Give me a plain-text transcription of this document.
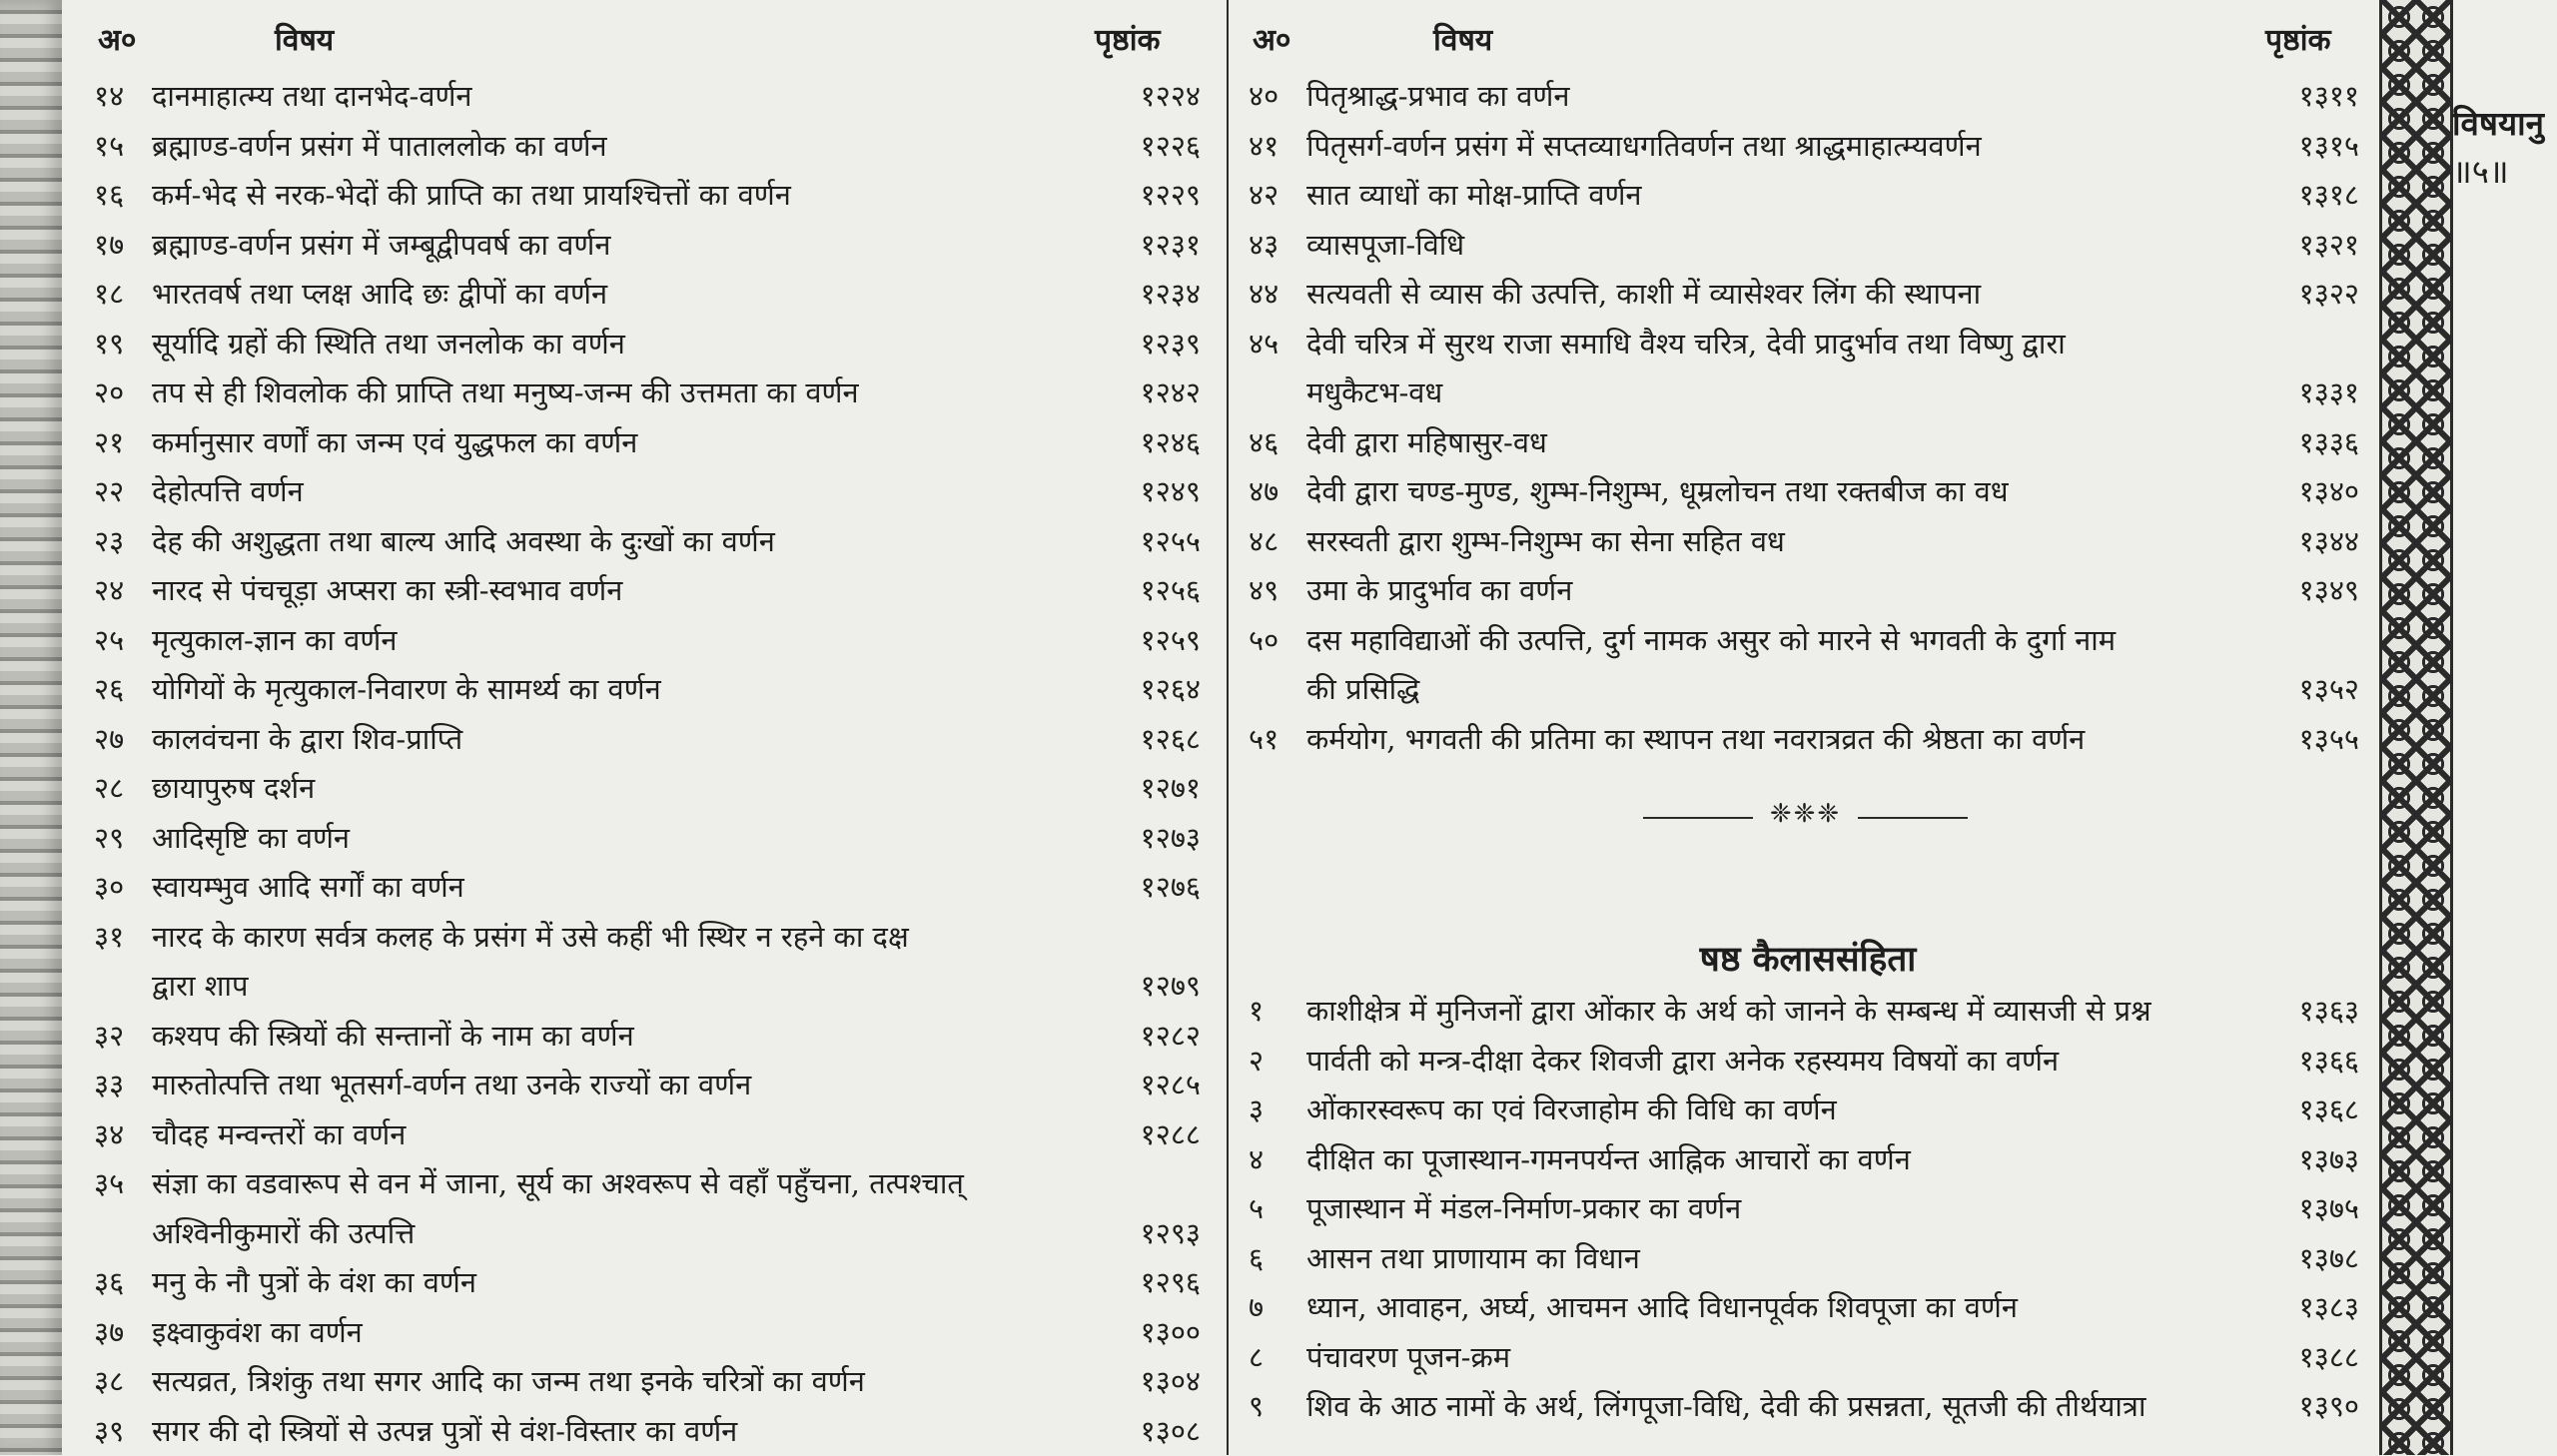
अ०	विषय	पृष्ठांक
१४ दानमाहात्म्य तथा दानभेद-वर्णन	१२२४
१५ ब्रह्माण्ड-वर्णन प्रसंग में पाताललोक का वर्णन	१२२६
१६ कर्म-भेद से नरक-भेदों की प्राप्ति का तथा प्रायश्चित्तों का वर्णन	१२२९
१७ ब्रह्माण्ड-वर्णन प्रसंग में जम्बूद्वीपवर्ष का वर्णन	१२३१
१८ भारतवर्ष तथा प्लक्ष आदि छः द्वीपों का वर्णन	१२३४
१९ सूर्यादि ग्रहों की स्थिति तथा जनलोक का वर्णन	१२३९
२० तप से ही शिवलोक की प्राप्ति तथा मनुष्य-जन्म की उत्तमता का वर्णन	१२४२
२१ कर्मानुसार वर्णों का जन्म एवं युद्धफल का वर्णन	१२४६
२२ देहोत्पत्ति वर्णन	१२४९
२३ देह की अशुद्धता तथा बाल्य आदि अवस्था के दुःखों का वर्णन	१२५५
२४ नारद से पंचचूड़ा अप्सरा का स्त्री-स्वभाव वर्णन	१२५६
२५ मृत्युकाल-ज्ञान का वर्णन	१२५९
२६ योगियों के मृत्युकाल-निवारण के सामर्थ्य का वर्णन	१२६४
२७ कालवंचना के द्वारा शिव-प्राप्ति	१२६८
२८ छायापुरुष दर्शन	१२७१
२९ आदिसृष्टि का वर्णन	१२७३
३० स्वायम्भुव आदि सर्गों का वर्णन	१२७६
३१ नारद के कारण सर्वत्र कलह के प्रसंग में उसे कहीं भी स्थिर न रहने का दक्ष
द्वारा शाप	१२७९
३२ कश्यप की स्त्रियों की सन्तानों के नाम का वर्णन	१२८२
३३ मारुतोत्पत्ति तथा भूतसर्ग-वर्णन तथा उनके राज्यों का वर्णन	१२८५
३४ चौदह मन्वन्तरों का वर्णन	१२८८
३५ संज्ञा का वडवारूप से वन में जाना, सूर्य का अश्वरूप से वहाँ पहुँचना, तत्पश्चात्
अश्विनीकुमारों की उत्पत्ति	१२९३
३६ मनु के नौ पुत्रों के वंश का वर्णन	१२९६
३७ इक्ष्वाकुवंश का वर्णन	१३००
३८ सत्यव्रत, त्रिशंकु तथा सगर आदि का जन्म तथा इनके चरित्रों का वर्णन	१३०४
३९ सगर की दो स्त्रियों से उत्पन्न पुत्रों से वंश-विस्तार का वर्णन	१३०८
अ०	विषय	पृष्ठांक
४० पितृश्राद्ध-प्रभाव का वर्णन	१३११
४१ पितृसर्ग-वर्णन प्रसंग में सप्तव्याधगतिवर्णन तथा श्राद्धमाहात्म्यवर्णन	१३१५
४२ सात व्याधों का मोक्ष-प्राप्ति वर्णन	१३१८
४३ व्यासपूजा-विधि	१३२१
४४ सत्यवती से व्यास की उत्पत्ति, काशी में व्यासेश्वर लिंग की स्थापना	१३२२
४५ देवी चरित्र में सुरथ राजा समाधि वैश्य चरित्र, देवी प्रादुर्भाव तथा विष्णु द्वारा
मधुकैटभ-वध	१३३१
४६ देवी द्वारा महिषासुर-वध	१३३६
४७ देवी द्वारा चण्ड-मुण्ड, शुम्भ-निशुम्भ, धूम्रलोचन तथा रक्तबीज का वध	१३४०
४८ सरस्वती द्वारा शुम्भ-निशुम्भ का सेना सहित वध	१३४४
४९ उमा के प्रादुर्भाव का वर्णन	१३४९
५० दस महाविद्याओं की उत्पत्ति, दुर्ग नामक असुर को मारने से भगवती के दुर्गा नाम
की प्रसिद्धि	१३५२
५१ कर्मयोग, भगवती की प्रतिमा का स्थापन तथा नवरात्रव्रत की श्रेष्ठता का वर्णन	१३५५
१	काशीक्षेत्र में मुनिजनों द्वारा ओंकार के अर्थ को जानने के सम्बन्ध में व्यासजी से प्रश्न	१३६३
२	पार्वती को मन्त्र-दीक्षा देकर शिवजी द्वारा अनेक रहस्यमय विषयों का वर्णन	१३६६
३	ओंकारस्वरूप का एवं विरजाहोम की विधि का वर्णन	१३६८
४	दीक्षित का पूजास्थान-गमनपर्यन्त आह्निक आचारों का वर्णन	१३७३
५	पूजास्थान में मंडल-निर्माण-प्रकार का वर्णन	१३७५
६	आसन तथा प्राणायाम का विधान	१३७८
७	ध्यान, आवाहन, अर्घ्य, आचमन आदि विधानपूर्वक शिवपूजा का वर्णन	१३८३
८	पंचावरण पूजन-क्रम	१३८८
९	शिव के आठ नामों के अर्थ, लिंगपूजा-विधि, देवी की प्रसन्नता, सूतजी की तीर्थयात्रा	१३९०
❈❈❈
षष्ठ कैलाससंहिता
विषयानु
॥५॥
